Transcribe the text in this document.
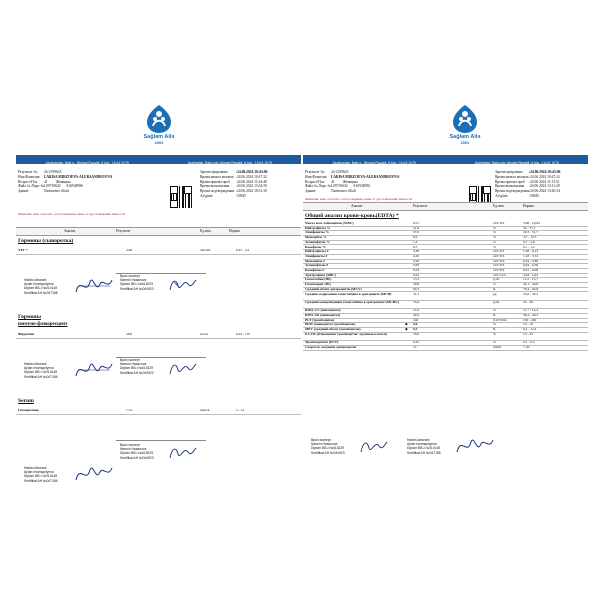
Sağlam Ailə
2002
Azərbaycan, Bakı ş., Əhməd Rəcəbli -5 küç., 16 AZ 1075	Azerbaijan, Baku city, Ahmed Recabli -5 küç., 16 AZ 1075
Результат №: 24-2199643
Имя Фамилия LARISA MIRZOEVA-ALEKSANDROVNA
Возраст/Пол 41 Женщина
Файл № /Карт №L09710632 A16948596
Здание	Nərimanov filiali
Зарегистрировано :24.06.2024 10:43:06
Время начала anализа :24.06.2024 10:47:32
Время приема проб :24.06.2024 11:44:48
Время выполнения :24.06.2024 13:34:59
Время подтверждения :24.06.2024 18:51:30
Ad günü	:50945
Фамилия, имя, отчество, дата рождения, визы от удостоверения личности
Анализ	Результат	Ед.изм.	Нормы
Гормоны (сыворотка)
ТТГ *	2,96	uIU/mL	0,27 - 4,2
Hakim-laborant
Aytan Imamquliyeva
Diplom BB-I №010148
Sertifikat AH №047186
Врач эксперт
Narmin Hasanova
Diplom BB-I №615229
Sertifikat AH №044923
Гормоны
иммуно-флюоресцент
Ферритин	28,6	нг/мл	6,24 - 137
Hakim-laborant
Aytan Imamquliyeva
Diplom BB-I №010148
Sertifikat AH №047186
Врач эксперт
Narmin Hasanova
Diplom BB-I №615229
Sertifikat AH №044923
Serum
Гемоцистеин	7,74	umol/L	5 - 12
Врач эксперт
Narmin Hasanova
Diplom BB-I №615229
Sertifikat AH №044923
Hakim-laborant
Aytan Imamquliyeva
Diplom BB-I №010148
Sertifikat AH №047186
Sağlam Ailə
2002
Azərbaycan, Bakı ş., Əhməd Rəcəbli -5 küç., 16 AZ 1075	Azerbaijan, Baku city, Ahmed Recabli -5 küç., 16 AZ 1075
Результат №: 24-2199643
Имя Фамилия LARISA MIRZOEVA-ALEKSANDROVNA
Возраст/Пол 41 Женщина
Файл № /Карт №L09710632 A16948596
Здание	Nərimanov filiali
Зарегистрировано :24.06.2024 10:43:06
Время начала anализа:24.06.2024 10:47:32
Время приема проб :24.06.2024 11:15:51
Время выполнения :24.06.2024 13:11:29
Время подтверждения:24.06.2024 13:40:34
Ad günü	:50945
Фамилия, имя, отчество, дата рождения, визы от удостоверения личности
Анализ	Результат	Ед.изм.	Нормы
Общий анализ крови-кровь(EDTA) *
Число всех лейкоцитов (WBC)	6,51	x10^9/L	3,98 - 10,04
Нейтрофилы %	51,9	%	34 - 71,1
Лимфоциты %	37,6	%	19,3 - 51,7
Моноциты %	8,6	%	4,7 - 12,5
Эозинофилы %	1,4	%	0,7 - 5,8
Базофилы %	0,5	%	0,1 - 1,2
Нейтрофилы #	3,38	x10^9/L	1,56 - 6,13
Лимфоциты #	2,45	x10^9/L	1,18 - 3,74
Моноциты #	0,56	x10^9/L	0,24 - 0,86
Эозинофилы #	0,09	x10^9/L	0,04 - 0,36
Базофилы #	0,03	x10^9/L	0,01 - 0,08
Эритроциты (RBC)	4,22	x10^12/L	3,93 - 5,22
Гемоглобин (Hb)	13,3	g/dL	11,2 - 15,7
Гематокрит (Ht)	39,8	%	34,1 - 44,9
Средний объём эритроцитов (MCV)	94,3	fL	79,4 - 94,8
Среднее содержание гемоглобина в эритроците (MCH)	31,5	pg	25,6 - 32,2
Средняя концентрация гемоглобина в эритроците (MCHC)	33,4	g/dL	32 - 36
RDW-CV (анизоцитоз)	12,4	%	11,7 - 14,4
RDW-SD (анизоцитоз)	42,6	fL	36,4 - 46,3
PLT (тромбоциты)	240	X10^9/uL	150 - 400
PDW (анизоцитоз тромбоцитов)	9,6	%	10 - 18
◆
MPV (средний объем тромбоцитов)	9,3	fL	9,4 - 12,4
◆
P-LCR (Отношение тромбоцитов: крупные клетки)	18,9	%	13 - 43
Тромбокритит (PCT)	0,22	%	0,1 - 0,5
Скорость оседания эритроцитов	12	mm/h	< 20
Врач эксперт
Narmin Hasanova
Diplom BB-I №615229
Sertifikat AH №044923
Hakim-laborant
Aytan Imamquliyeva
Diplom BB-I №010148
Sertifikat AH №047186
